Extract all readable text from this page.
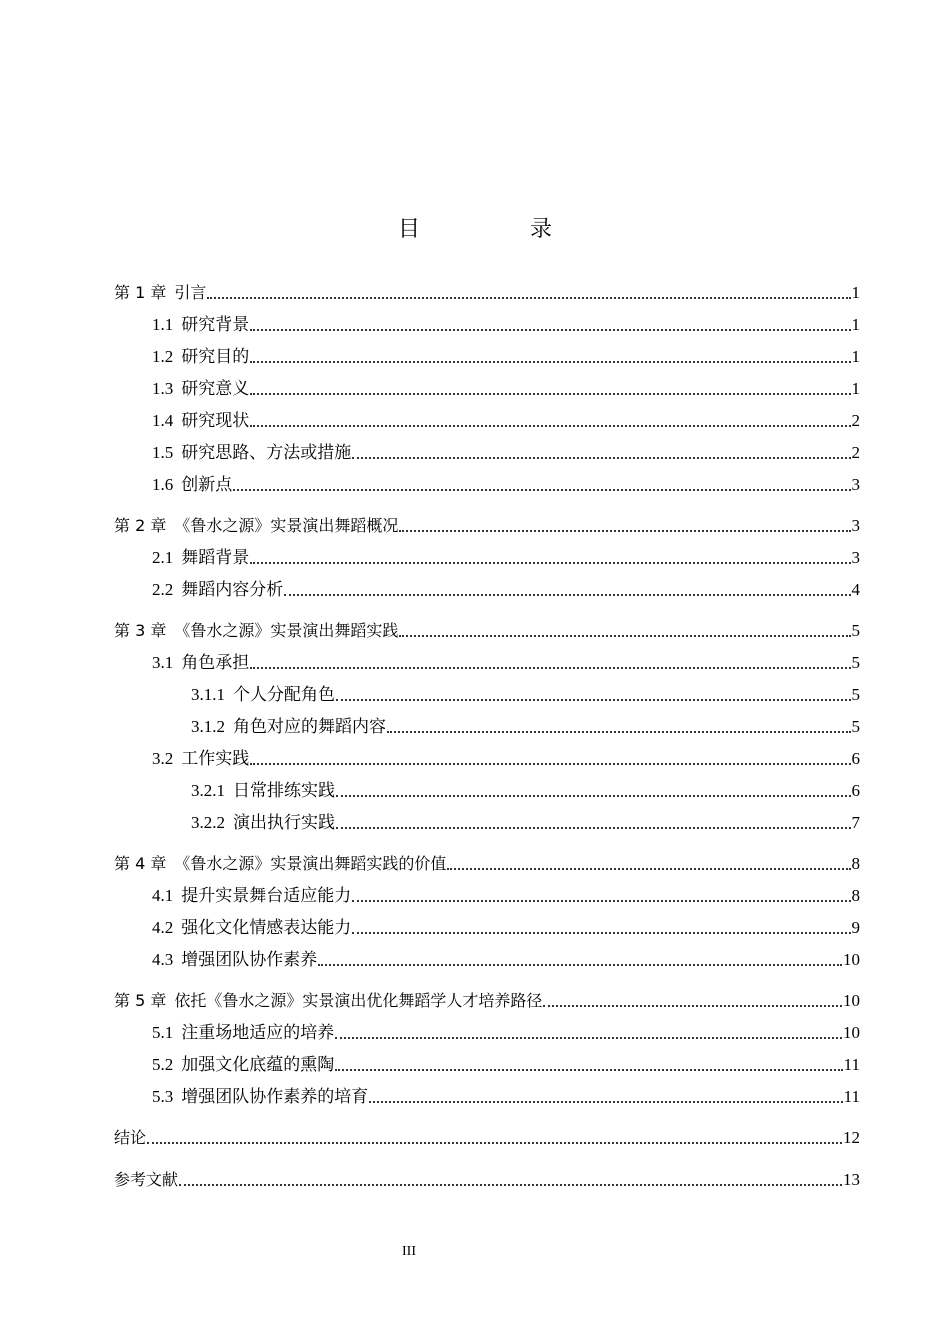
目　录
第 1 章 引言	1
1.1 研究背景	1
1.2 研究目的	1
1.3 研究意义	1
1.4 研究现状	2
1.5 研究思路、方法或措施	2
1.6 创新点	3
第 2 章 《鲁水之源》实景演出舞蹈概况	3
2.1 舞蹈背景	3
2.2 舞蹈内容分析	4
第 3 章 《鲁水之源》实景演出舞蹈实践	5
3.1 角色承担	5
3.1.1 个人分配角色	5
3.1.2 角色对应的舞蹈内容	5
3.2 工作实践	6
3.2.1 日常排练实践	6
3.2.2 演出执行实践	7
第 4 章 《鲁水之源》实景演出舞蹈实践的价值	8
4.1 提升实景舞台适应能力	8
4.2 强化文化情感表达能力	9
4.3 增强团队协作素养	10
第 5 章 依托《鲁水之源》实景演出优化舞蹈学人才培养路径	10
5.1 注重场地适应的培养	10
5.2 加强文化底蕴的熏陶	11
5.3 增强团队协作素养的培育	11
结论	12
参考文献	13
III
